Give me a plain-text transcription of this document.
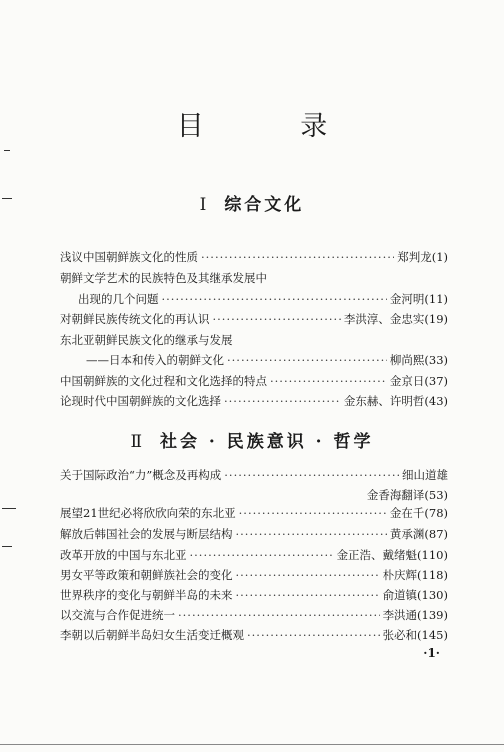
目 录
I 综合文化
浅议中国朝鲜族文化的性质 ·····	郑判龙(1)
朝鲜文学艺术的民族特色及其继承发展中
出现的几个问题 ·····	金河明(11)
对朝鲜民族传统文化的再认识 ·····	李洪淳、金忠实(19)
东北亚朝鲜民族文化的继承与发展
——日本和传入的朝鲜文化 ·····	柳尚熙(33)
中国朝鲜族的文化过程和文化选择的特点 ·····	金京日(37)
论现时代中国朝鲜族的文化选择 ·····	金东赫、许明哲(43)
Ⅱ 社会 · 民族意识 · 哲学
关于国际政治“力”概念及再构成 ·····	细山道雄
金香海翻译(53)
展望21世纪必将欣欣向荣的东北亚 ·····	金在千(78)
解放后韩国社会的发展与断层结构 ·····	黄承渊(87)
改革开放的中国与东北亚 ·····	金正浩、戴绪魁(110)
男女平等政策和朝鲜族社会的变化 ·····	朴庆辉(118)
世界秩序的变化与朝鲜半岛的未来 ·····	俞道镇(130)
以交流与合作促进统一 ·····	李洪通(139)
李朝以后朝鲜半岛妇女生活变迁概观 ·····	张必和(145)
·1·
